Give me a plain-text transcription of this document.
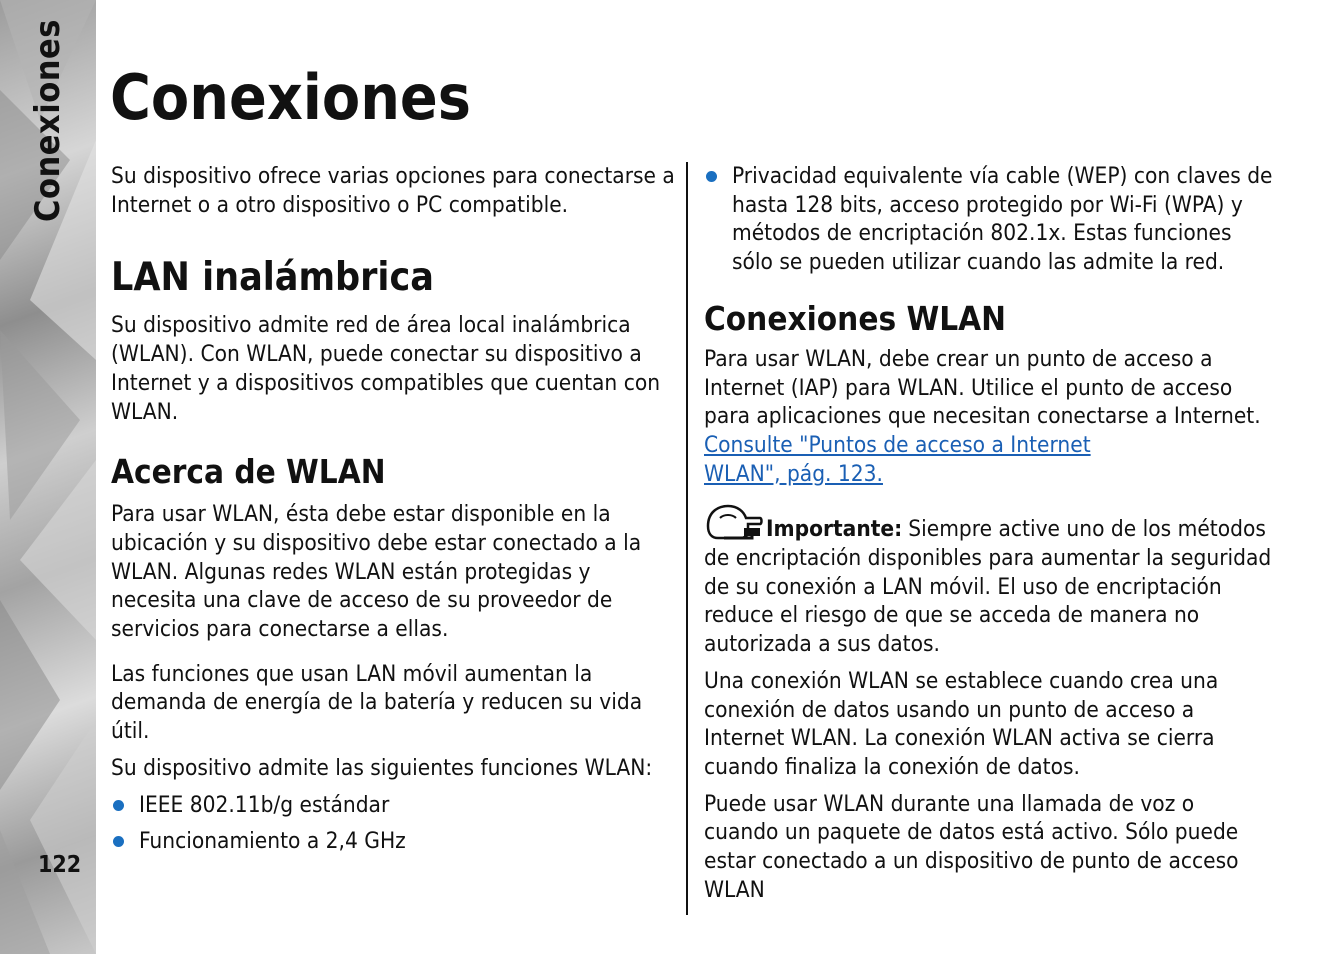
Conexiones
122
Conexiones

Su dispositivo ofrece varias opciones para conectarse a Internet o a otro dispositivo o PC compatible.

LAN inalámbrica

Su dispositivo admite red de área local inalámbrica (WLAN). Con WLAN, puede conectar su dispositivo a Internet y a dispositivos compatibles que cuentan con WLAN.

Acerca de WLAN

Para usar WLAN, ésta debe estar disponible en la ubicación y su dispositivo debe estar conectado a la WLAN. Algunas redes WLAN están protegidas y necesita una clave de acceso de su proveedor de servicios para conectarse a ellas.

Las funciones que usan LAN móvil aumentan la demanda de energía de la batería y reducen su vida útil.

Su dispositivo admite las siguientes funciones WLAN:

IEEE 802.11b/g estándar
Funcionamiento a 2,4 GHz
Privacidad equivalente vía cable (WEP) con claves de hasta 128 bits, acceso protegido por Wi-Fi (WPA) y métodos de encriptación 802.1x. Estas funciones sólo se pueden utilizar cuando las admite la red.
Conexiones WLAN

Para usar WLAN, debe crear un punto de acceso a Internet (IAP) para WLAN. Utilice el punto de acceso para aplicaciones que necesitan conectarse a Internet.
Consulte "Puntos de acceso a Internet
WLAN", pág. 123.

Importante: Siempre active uno de los métodos de encriptación disponibles para aumentar la seguridad de su conexión a LAN móvil. El uso de encriptación reduce el riesgo de que se acceda de manera no autorizada a sus datos.

Una conexión WLAN se establece cuando crea una conexión de datos usando un punto de acceso a Internet WLAN. La conexión WLAN activa se cierra cuando finaliza la conexión de datos.

Puede usar WLAN durante una llamada de voz o cuando un paquete de datos está activo. Sólo puede estar conectado a un dispositivo de punto de acceso WLAN
